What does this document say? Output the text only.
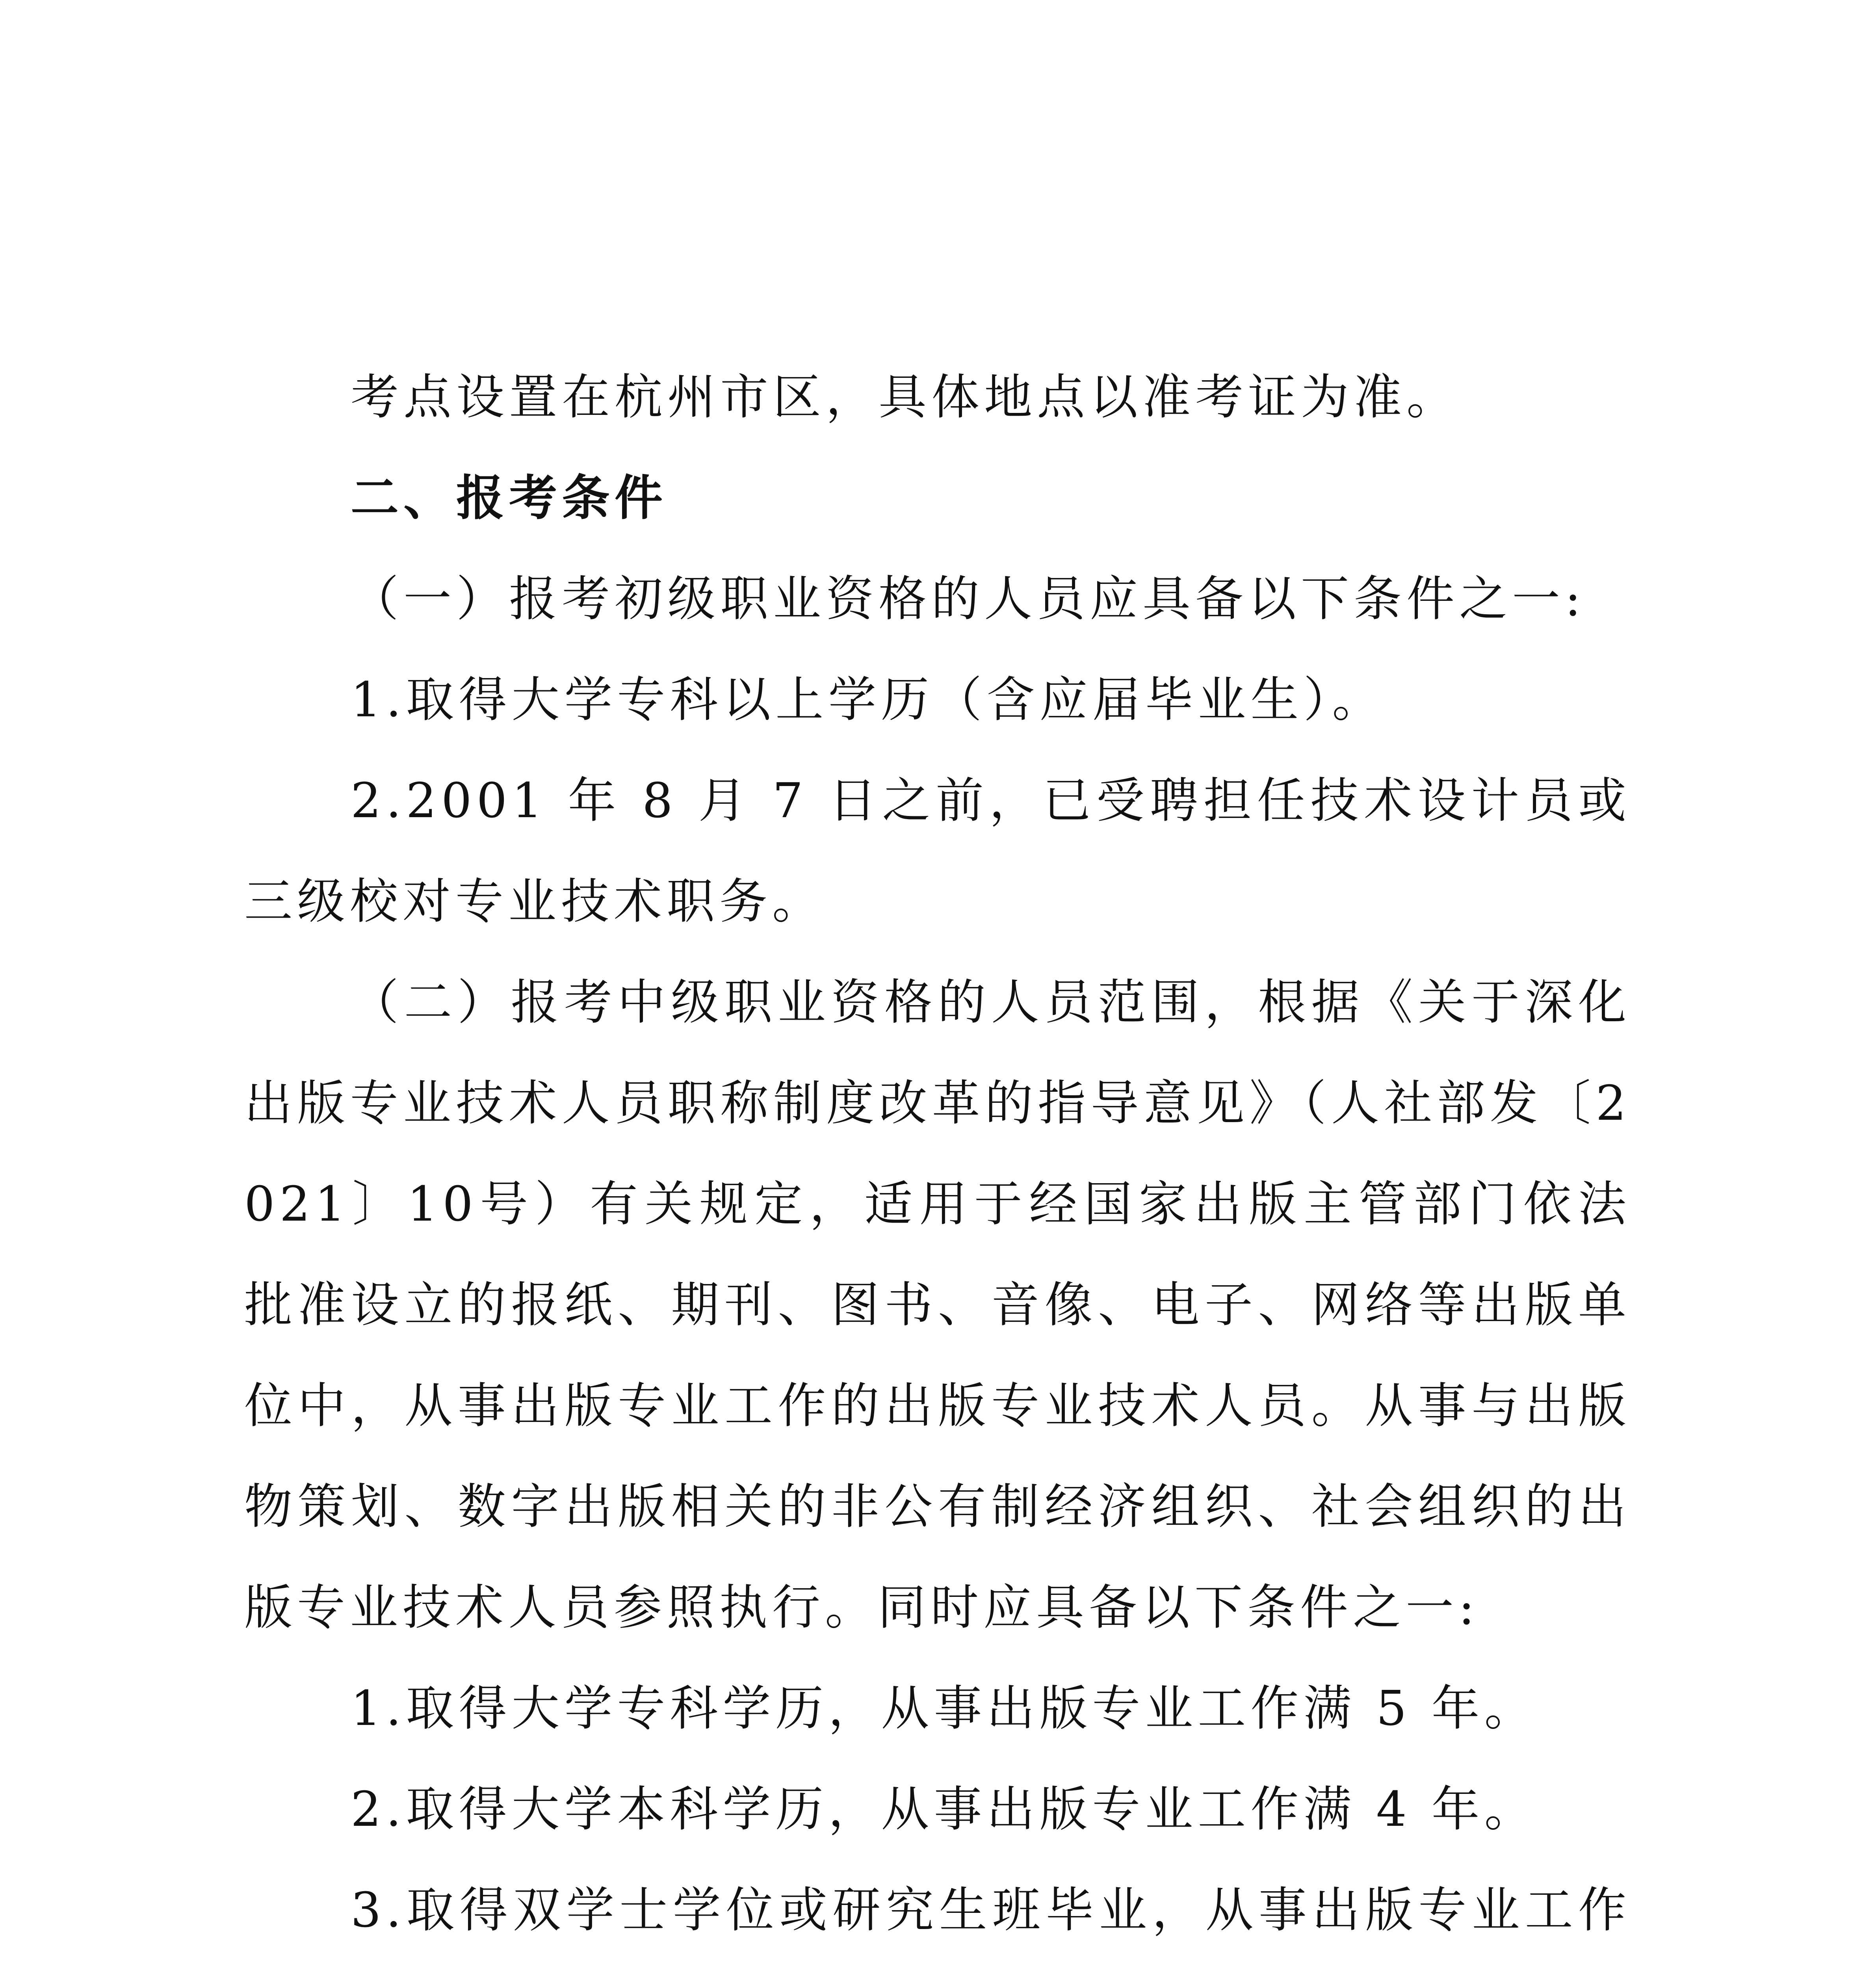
考点设置在杭州市区，具体地点以准考证为准。

二、报考条件

（一）报考初级职业资格的人员应具备以下条件之一:

1.取得大学专科以上学历（含应届毕业生）。

2.2001 年 8 月 7 日之前，已受聘担任技术设计员或三级校对专业技术职务。

（二）报考中级职业资格的人员范围，根据《关于深化出版专业技术人员职称制度改革的指导意见》（人社部发〔2021〕10号）有关规定，适用于经国家出版主管部门依法批准设立的报纸、期刊、图书、音像、电子、网络等出版单位中，从事出版专业工作的出版专业技术人员。从事与出版物策划、数字出版相关的非公有制经济组织、社会组织的出版专业技术人员参照执行。同时应具备以下条件之一:

1.取得大学专科学历，从事出版专业工作满 5 年。

2.取得大学本科学历，从事出版专业工作满 4 年。

3.取得双学士学位或研究生班毕业，从事出版专业工作
